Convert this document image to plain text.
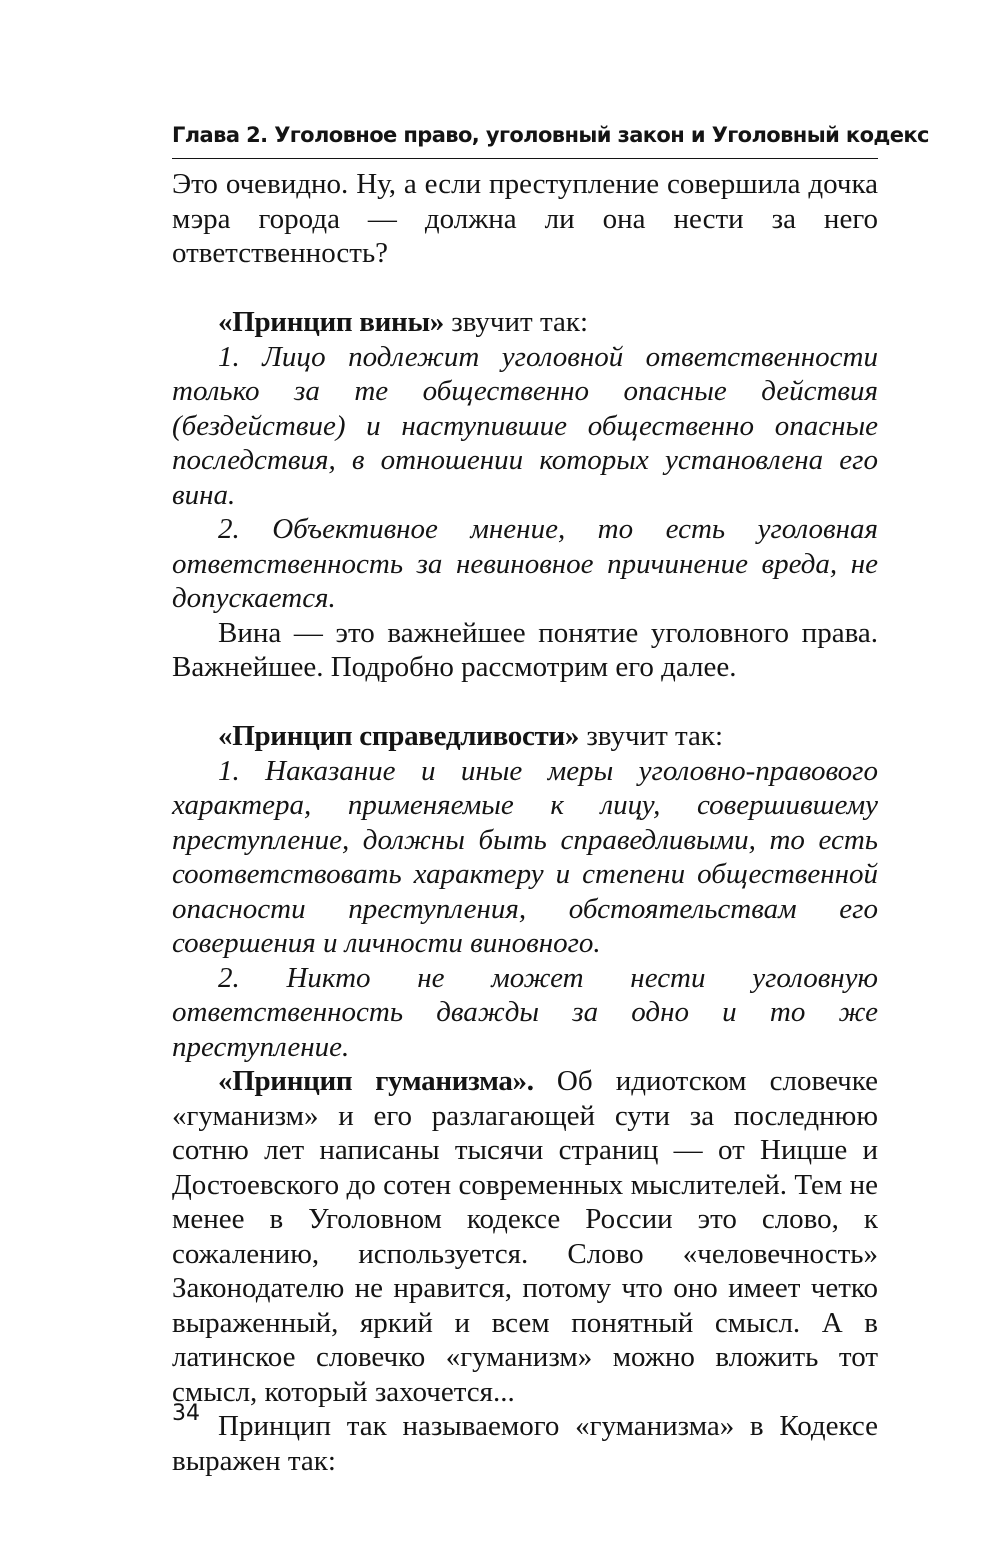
Глава 2. Уголовное право, уголовный закон и Уголовный кодекс

Это очевидно. Ну, а если преступление совершила дочка мэра города — должна ли она нести за него ответственность?

«Принцип вины» звучит так:

1. Лицо подлежит уголовной ответственности только за те общественно опасные действия (бездействие) и наступившие общественно опасные последствия, в отношении которых установлена его вина.

2. Объективное мнение, то есть уголовная ответственность за невиновное причинение вреда, не допускается.

Вина — это важнейшее понятие уголовного права. Важнейшее. Подробно рассмотрим его далее.

«Принцип справедливости» звучит так:

1. Наказание и иные меры уголовно-правового характера, применяемые к лицу, совершившему преступление, должны быть справедливыми, то есть соответствовать характеру и степени общественной опасности преступления, обстоятельствам его совершения и личности виновного.

2. Никто не может нести уголовную ответственность дважды за одно и то же преступление.

«Принцип гуманизма». Об идиотском словечке «гуманизм» и его разлагающей сути за последнюю сотню лет написаны тысячи страниц — от Ницше и Достоевского до сотен современных мыслителей. Тем не менее в Уголовном кодексе России это слово, к сожалению, используется. Слово «человечность» Законодателю не нравится, потому что оно имеет четко выраженный, яркий и всем понятный смысл. А в латинское словечко «гуманизм» можно вложить тот смысл, который захочется...

Принцип так называемого «гуманизма» в Кодексе выражен так:

34
